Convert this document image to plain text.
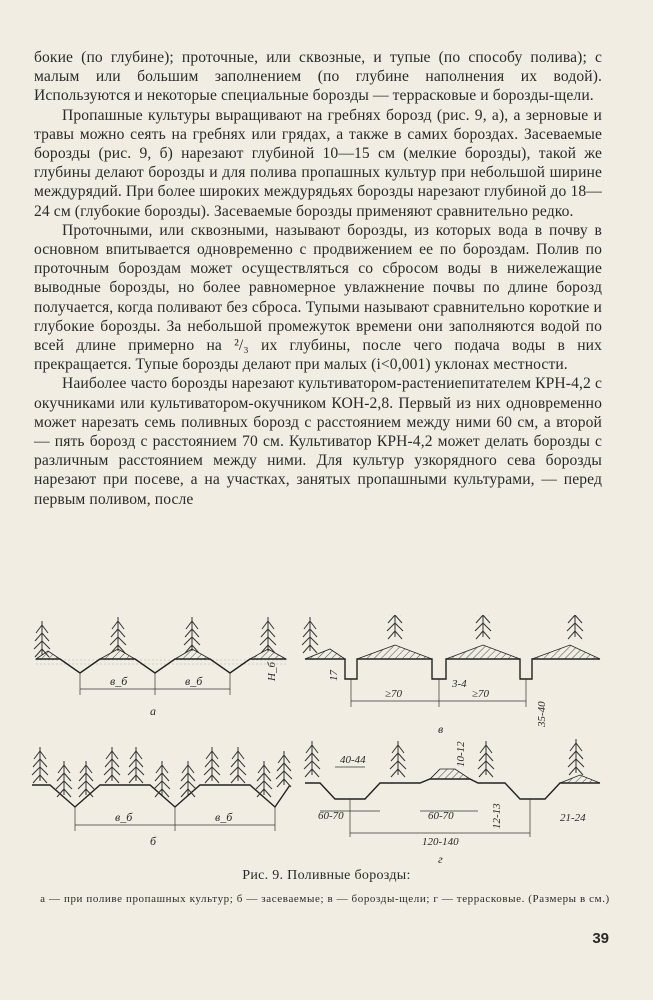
бокие (по глубине); проточные, или сквозные, и тупые (по способу полива); с малым или большим заполнением (по глубине наполнения их водой). Используются и некоторые специальные борозды — террасковые и борозды-щели.

Пропашные культуры выращивают на гребнях борозд (рис. 9, а), а зерновые и травы можно сеять на гребнях или грядах, а также в самих бороздах. Засеваемые борозды (рис. 9, б) нарезают глубиной 10—15 см (мелкие борозды), такой же глубины делают борозды и для полива пропашных культур при небольшой ширине междурядий. При более широких междурядьях борозды нарезают глубиной до 18—24 см (глубокие борозды). Засеваемые борозды применяют сравнительно редко.

Проточными, или сквозными, называют борозды, из которых вода в почву в основном впитывается одновременно с продвижением ее по бороздам. Полив по проточным бороздам может осуществляться со сбросом воды в нижележащие выводные борозды, но более равномерное увлажнение почвы по длине борозд получается, когда поливают без сброса. Тупыми называют сравнительно короткие и глубокие борозды. За небольшой промежуток времени они заполняются водой по всей длине примерно на ²/₃ их глубины, после чего подача воды в них прекращается. Тупые борозды делают при малых (i<0,001) уклонах местности.

Наиболее часто борозды нарезают культиватором-растениепитателем КРН-4,2 с окучниками или культиватором-окучником КОН-2,8. Первый из них одновременно может нарезать семь поливных борозд с расстоянием между ними 60 см, а второй — пять борозд с расстоянием 70 см. Культиватор КРН-4,2 может делать борозды с различным расстоянием между ними. Для культур узкорядного сева борозды нарезают при посеве, а на участках, занятых пропашными культурами, — перед первым поливом, после

в_б	в_б	H_б
а
17
3-4
≥70	≥70
35-40
в
в_б	в_б
б
40-44	10-12
60-70	60-70	12-13
120-140
21-24
г
Рис. 9. Поливные борозды:
а — при поливе пропашных культур; б — засеваемые; в — борозды-щели; г — террасковые. (Размеры в см.)
39
